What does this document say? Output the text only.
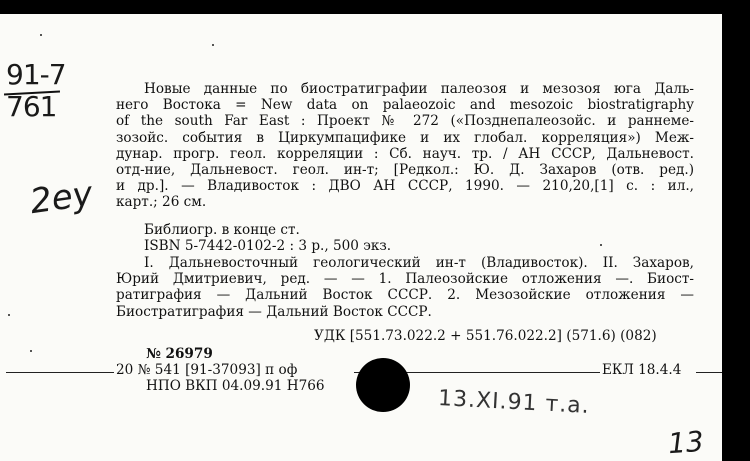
91-7
761
2ey
Новые данные по биостратиграфии палеозоя и мезозоя юга Даль-
него Востока = New data on palaeozoic and mesozoic biostratigraphy
of the south Far East : Проект № 272 («Позднепалеозойс. и раннеме-
зозойс. события в Циркумпацифике и их глобал. корреляция») Меж-
дунар. прогр. геол. корреляции : Сб. науч. тр. / АН СССР, Дальневост.
отд-ние, Дальневост. геол. ин-т; [Редкол.: Ю. Д. Захаров (отв. ред.)
и др.]. — Владивосток : ДВО АН СССР, 1990. — 210,20,[1] с. : ил.,
карт.; 26 см.
Библиогр. в конце ст.
ISBN 5-7442-0102-2 : 3 р., 500 экз.
I. Дальневосточный геологический ин-т (Владивосток). II. Захаров,
Юрий Дмитриевич, ред. — — 1. Палеозойские отложения —. Биост-
ратиграфия — Дальний Восток СССР. 2. Мезозойские отложения —
Биостратиграфия — Дальний Восток СССР.
УДК [551.73.022.2 + 551.76.022.2] (571.6) (082)
№ 26979
20 № 541 [91-37093] п оф	ЕКЛ 18.4.4
НПО ВКП 04.09.91 Н766
13.XI.91 т.а.
13
